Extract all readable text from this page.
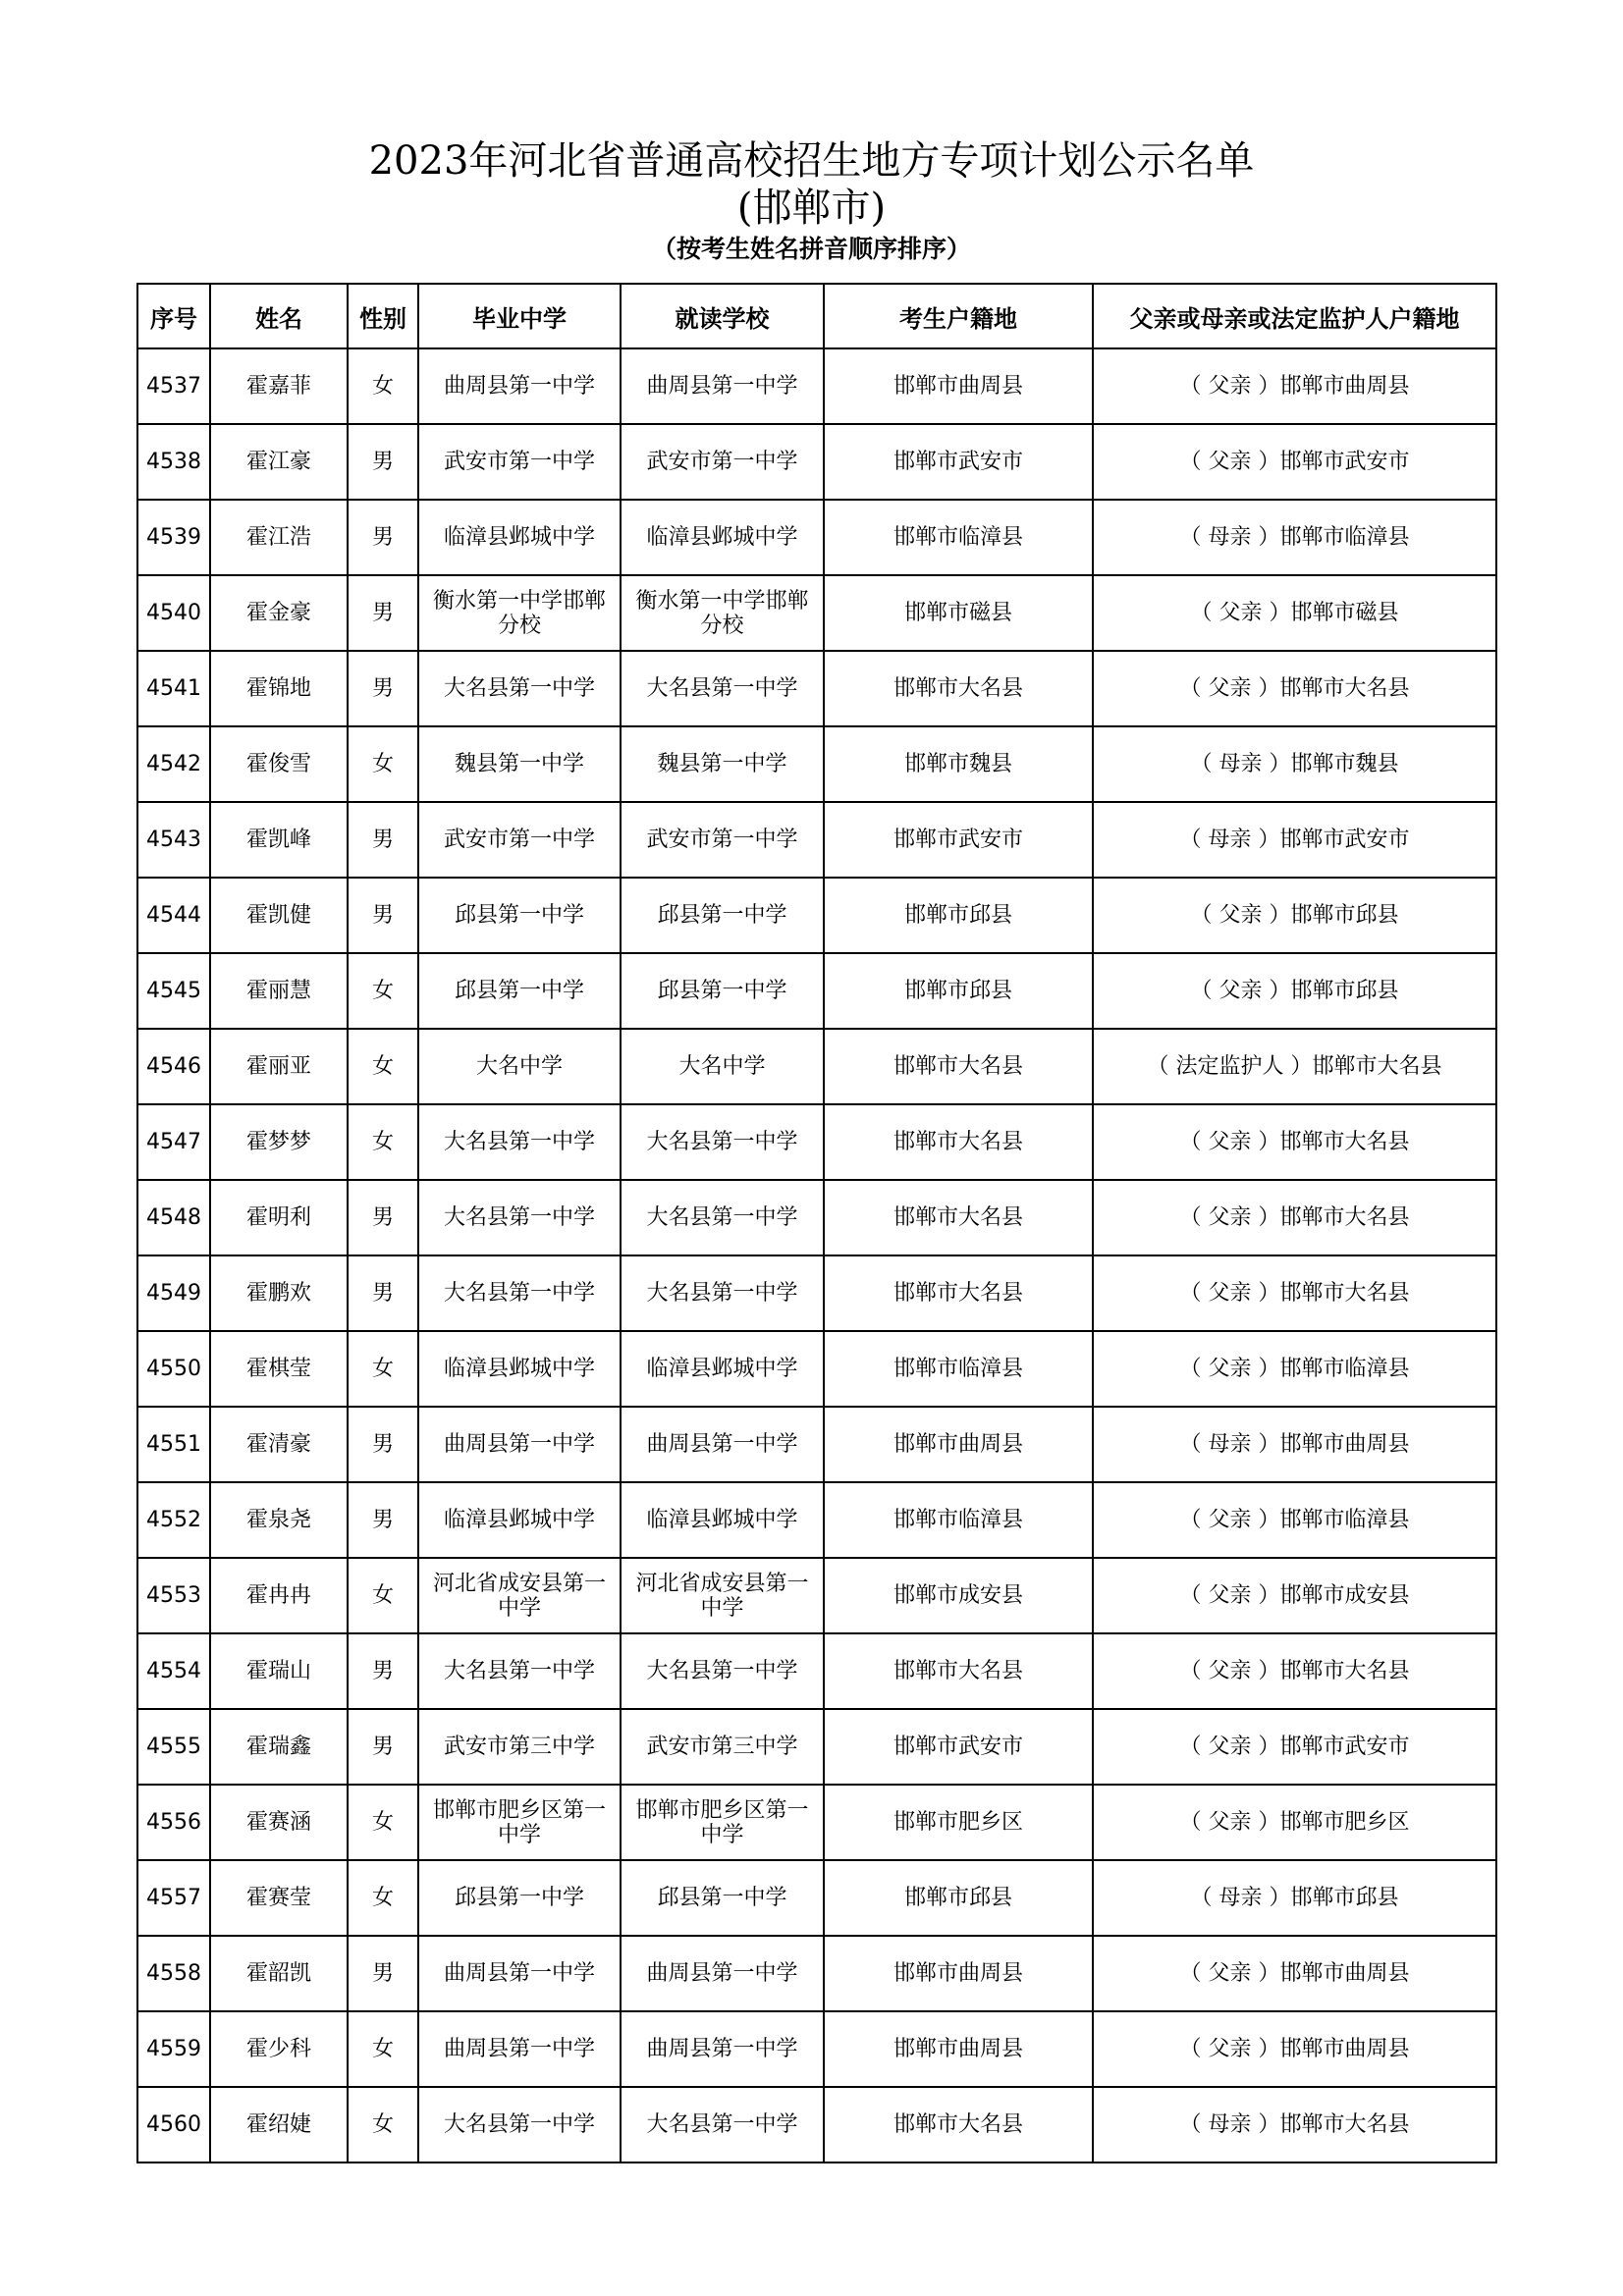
2023年河北省普通高校招生地方专项计划公示名单
(邯郸市)
（按考生姓名拼音顺序排序）
序号	姓名	性别	毕业中学	就读学校	考生户籍地	父亲或母亲或法定监护人户籍地
4537	霍嘉菲	女	曲周县第一中学	曲周县第一中学	邯郸市曲周县	（ 父亲 ）邯郸市曲周县
4538	霍江豪	男	武安市第一中学	武安市第一中学	邯郸市武安市	（ 父亲 ）邯郸市武安市
4539	霍江浩	男	临漳县邺城中学	临漳县邺城中学	邯郸市临漳县	（ 母亲 ）邯郸市临漳县
4540	霍金豪	男	衡水第一中学邯郸分校	衡水第一中学邯郸分校	邯郸市磁县	（ 父亲 ）邯郸市磁县
4541	霍锦地	男	大名县第一中学	大名县第一中学	邯郸市大名县	（ 父亲 ）邯郸市大名县
4542	霍俊雪	女	魏县第一中学	魏县第一中学	邯郸市魏县	（ 母亲 ）邯郸市魏县
4543	霍凯峰	男	武安市第一中学	武安市第一中学	邯郸市武安市	（ 母亲 ）邯郸市武安市
4544	霍凯健	男	邱县第一中学	邱县第一中学	邯郸市邱县	（ 父亲 ）邯郸市邱县
4545	霍丽慧	女	邱县第一中学	邱县第一中学	邯郸市邱县	（ 父亲 ）邯郸市邱县
4546	霍丽亚	女	大名中学	大名中学	邯郸市大名县	（ 法定监护人 ）邯郸市大名县
4547	霍梦梦	女	大名县第一中学	大名县第一中学	邯郸市大名县	（ 父亲 ）邯郸市大名县
4548	霍明利	男	大名县第一中学	大名县第一中学	邯郸市大名县	（ 父亲 ）邯郸市大名县
4549	霍鹏欢	男	大名县第一中学	大名县第一中学	邯郸市大名县	（ 父亲 ）邯郸市大名县
4550	霍棋莹	女	临漳县邺城中学	临漳县邺城中学	邯郸市临漳县	（ 父亲 ）邯郸市临漳县
4551	霍清豪	男	曲周县第一中学	曲周县第一中学	邯郸市曲周县	（ 母亲 ）邯郸市曲周县
4552	霍泉尧	男	临漳县邺城中学	临漳县邺城中学	邯郸市临漳县	（ 父亲 ）邯郸市临漳县
4553	霍冉冉	女	河北省成安县第一中学	河北省成安县第一中学	邯郸市成安县	（ 父亲 ）邯郸市成安县
4554	霍瑞山	男	大名县第一中学	大名县第一中学	邯郸市大名县	（ 父亲 ）邯郸市大名县
4555	霍瑞鑫	男	武安市第三中学	武安市第三中学	邯郸市武安市	（ 父亲 ）邯郸市武安市
4556	霍赛涵	女	邯郸市肥乡区第一中学	邯郸市肥乡区第一中学	邯郸市肥乡区	（ 父亲 ）邯郸市肥乡区
4557	霍赛莹	女	邱县第一中学	邱县第一中学	邯郸市邱县	（ 母亲 ）邯郸市邱县
4558	霍韶凯	男	曲周县第一中学	曲周县第一中学	邯郸市曲周县	（ 父亲 ）邯郸市曲周县
4559	霍少科	女	曲周县第一中学	曲周县第一中学	邯郸市曲周县	（ 父亲 ）邯郸市曲周县
4560	霍绍婕	女	大名县第一中学	大名县第一中学	邯郸市大名县	（ 母亲 ）邯郸市大名县
